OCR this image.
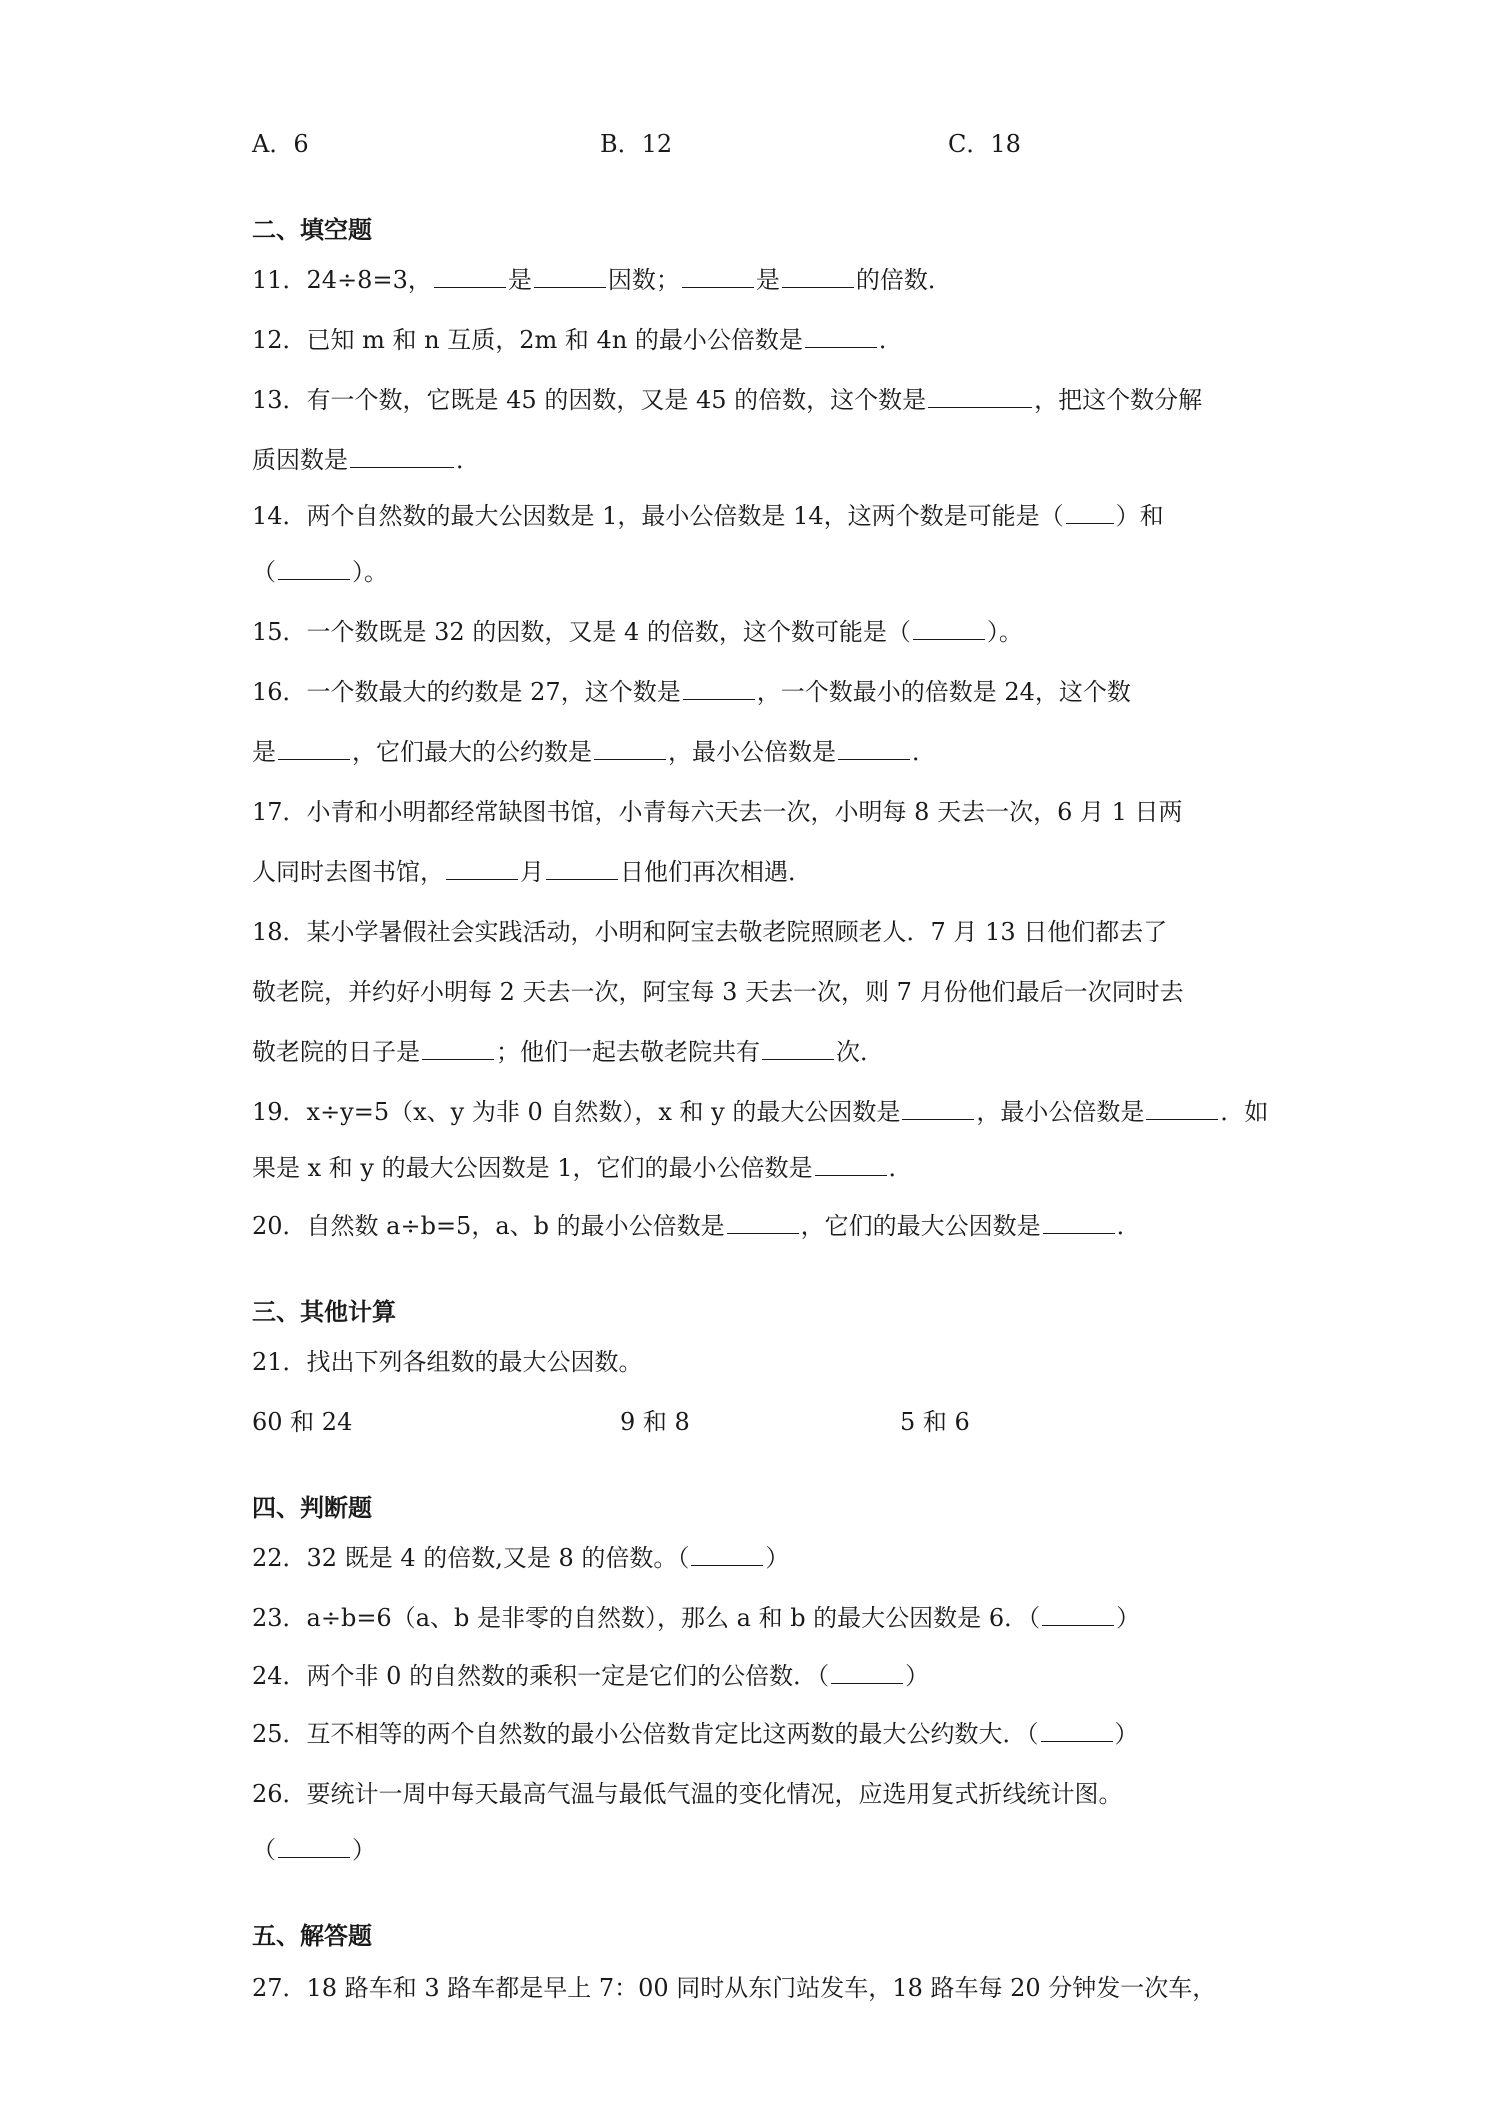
A．6	B．12	C．18
二、填空题
11．24÷8=3，	是	因数；	是	的倍数．
12．已知 m 和 n 互质，2m 和 4n 的最小公倍数是	．
13．有一个数，它既是 45 的因数，又是 45 的倍数，这个数是	，把这个数分解
质因数是	．
14．两个自然数的最大公因数是 1，最小公倍数是 14，这两个数是可能是（ ）和
（	）。
15．一个数既是 32 的因数，又是 4 的倍数，这个数可能是（	）。
16．一个数最大的约数是 27，这个数是	，一个数最小的倍数是 24，这个数
是	，它们最大的公约数是	，最小公倍数是	．
17．小青和小明都经常缺图书馆，小青每六天去一次，小明每 8 天去一次，6 月 1 日两
人同时去图书馆，	月	日他们再次相遇．
18．某小学暑假社会实践活动，小明和阿宝去敬老院照顾老人．7 月 13 日他们都去了
敬老院，并约好小明每 2 天去一次，阿宝每 3 天去一次，则 7 月份他们最后一次同时去
敬老院的日子是	；他们一起去敬老院共有	次．
19．x÷y=5（x、y 为非 0 自然数），x 和 y 的最大公因数是	，最小公倍数是	．如
果是 x 和 y 的最大公因数是 1，它们的最小公倍数是	．
20．自然数 a÷b=5，a、b 的最小公倍数是	，它们的最大公因数是	．
三、其他计算
21．找出下列各组数的最大公因数。
60 和 24	9 和 8	5 和 6
四、判断题
22．32 既是 4 的倍数,又是 8 的倍数。（	）
23．a÷b=6（a、b 是非零的自然数），那么 a 和 b 的最大公因数是 6．（	）
24．两个非 0 的自然数的乘积一定是它们的公倍数．（	）
25．互不相等的两个自然数的最小公倍数肯定比这两数的最大公约数大．（	）
26．要统计一周中每天最高气温与最低气温的变化情况，应选用复式折线统计图。
（	）
五、解答题
27．18 路车和 3 路车都是早上 7：00 同时从东门站发车，18 路车每 20 分钟发一次车，
